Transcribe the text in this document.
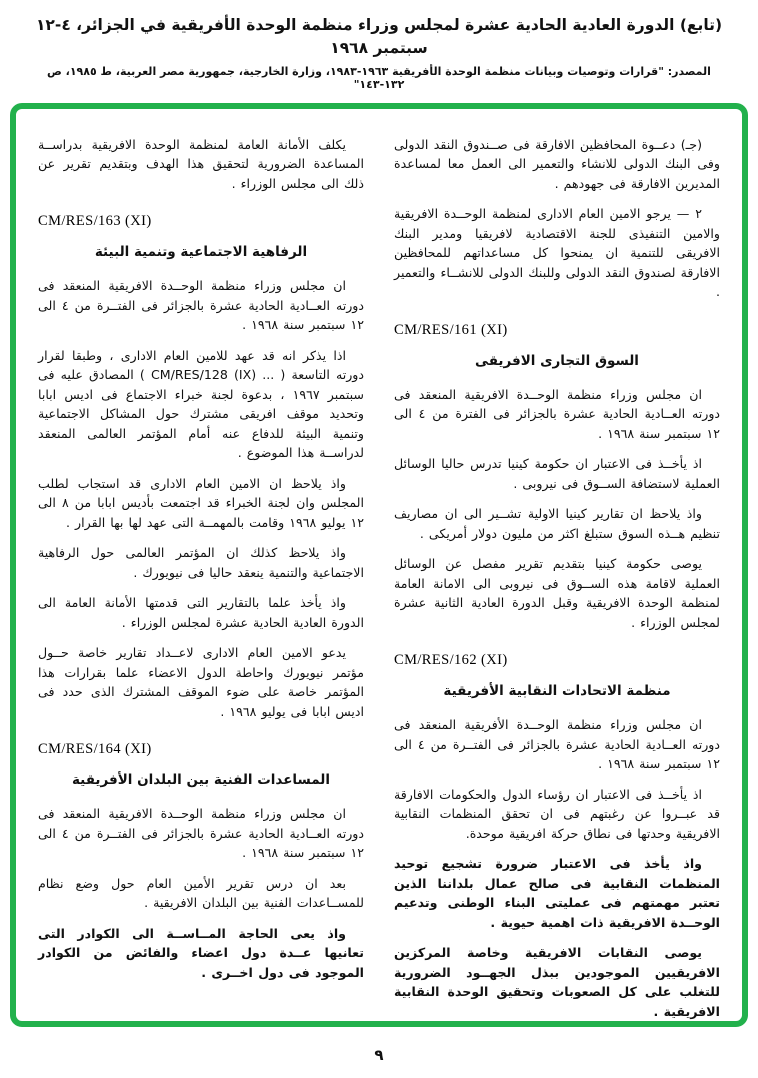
(تابع) الدورة العادية الحادية عشرة لمجلس وزراء منظمة الوحدة الأفريقية في الجزائر، ٤-١٢ سبتمبر ١٩٦٨
المصدر: "قرارات وتوصيات وبيانات منظمة الوحدة الأفريقية ١٩٦٣-١٩٨٣، وزارة الخارجية، جمهورية مصر العربية، ط ١٩٨٥، ص ١٣٢-١٤٣"
(جـ) دعــوة المحافظين الافارقة فى صــندوق النقد الدولى وفى البنك الدولى للانشاء والتعمير الى العمل معا لمساعدة المديرين الافارقة فى جهودهم .
٢ — يرجو الامين العام الادارى لمنظمة الوحــدة الافريقية والامين التنفيذى للجنة الاقتصادية لافريقيا ومدير البنك الافريقى للتنمية ان يمنحوا كل مساعداتهم للمحافظين الافارقة لصندوق النقد الدولى وللبنك الدولى للانشــاء والتعمير .
CM/RES/161 (XI)
السوق التجارى الافريقى
ان مجلس وزراء منظمة الوحــدة الافريقية المنعقد فى دورته العــادية الحادية عشرة بالجزائر فى الفترة من ٤ الى ١٢ سبتمبر سنة ١٩٦٨ .
اذ يأخــذ فى الاعتبار ان حكومة كينيا تدرس حاليا الوسائل العملية لاستضافة الســوق فى نيروبى .
واذ يلاحظ ان تقارير كينيا الاولية تشــير الى ان مصاريف تنظيم هــذه السوق ستبلغ اكثر من مليون دولار أمريكى .
يوصى حكومة كينيا بتقديم تقرير مفصل عن الوسائل العملية لاقامة هذه الســوق فى نيروبى الى الامانة العامة لمنظمة الوحدة الافريقية وقبل الدورة العادية الثانية عشرة لمجلس الوزراء .
CM/RES/162 (XI)
منظمة الاتحادات النقابية الأفريقية
ان مجلس وزراء منظمة الوحــدة الأفريقية المنعقد فى دورته العــادية الحادية عشرة بالجزائر فى الفتــرة من ٤ الى ١٢ سبتمبر سنة ١٩٦٨ .
اذ يأخــذ فى الاعتبار ان رؤساء الدول والحكومات الافارقة قد عبــروا عن رغبتهم فى ان تحقق المنظمات النقابية الافريقية وحدتها فى نطاق حركة افريقية موحدة.
واذ يأخذ فى الاعتبار ضرورة تشجيع توحيد المنظمات النقابية فى صالح عمال بلداننا الذين تعتبر مهمتهم فى عمليتى البناء الوطنى وتدعيم الوحــدة الافريقية ذات اهمية حيوية .
يوصى النقابات الافريقية وخاصة المركزين الافريقيين الموجودين ببذل الجهــود الضرورية للتغلب على كل الصعوبات وتحقيق الوحدة النقابية الافريقية .
يكلف الأمانة العامة لمنظمة الوحدة الافريقية بدراســة المساعدة الضرورية لتحقيق هذا الهدف وبتقديم تقرير عن ذلك الى مجلس الوزراء .
CM/RES/163 (XI)
الرفاهية الاجتماعية وتنمية البيئة
ان مجلس وزراء منظمة الوحــدة الافريقية المنعقد فى دورته العــادية الحادية عشرة بالجزائر فى الفتــرة من ٤ الى ١٢ سبتمبر سنة ١٩٦٨ .
اذا يذكر انه قد عهد للامين العام الادارى ، وطبقا لقرار دورته التاسعة ( ... CM/RES/128 (IX) ) المصادق عليه فى سبتمبر ١٩٦٧ ، بدعوة لجنة خبراء الاجتماع فى اديس ابابا وتحديد موقف افريقى مشترك حول المشاكل الاجتماعية وتنمية البيئة للدفاع عنه أمام المؤتمر العالمى المنعقد لدراســة هذا الموضوع .
واذ يلاحظ ان الامين العام الادارى قد استجاب لطلب المجلس وان لجنة الخبراء قد اجتمعت بأديس ابابا من ٨ الى ١٢ يوليو ١٩٦٨ وقامت بالمهمــة التى عهد لها بها القرار .
واذ يلاحظ كذلك ان المؤتمر العالمى حول الرفاهية الاجتماعية والتنمية ينعقد حاليا فى نيويورك .
واذ يأخذ علما بالتقارير التى قدمتها الأمانة العامة الى الدورة العادية الحادية عشرة لمجلس الوزراء .
يدعو الامين العام الادارى لاعــداد تقارير خاصة حــول مؤتمر نيويورك واحاطة الدول الاعضاء علما بقرارات هذا المؤتمر خاصة على ضوء الموقف المشترك الذى حدد فى اديس ابابا فى يوليو ١٩٦٨ .
CM/RES/164 (XI)
المساعدات الفنية بين البلدان الأفريقية
ان مجلس وزراء منظمة الوحــدة الافريقية المنعقد فى دورته العــادية الحادية عشرة بالجزائر فى الفتــرة من ٤ الى ١٢ سبتمبر سنة ١٩٦٨ .
بعد ان درس تقرير الأمين العام حول وضع نظام للمســاعدات الفنية بين البلدان الافريقية .
واذ يعى الحاجة المــاســة الى الكوادر التى تعانيها عــدة دول اعضاء والفائض من الكوادر الموجود فى دول اخــرى .
٩
